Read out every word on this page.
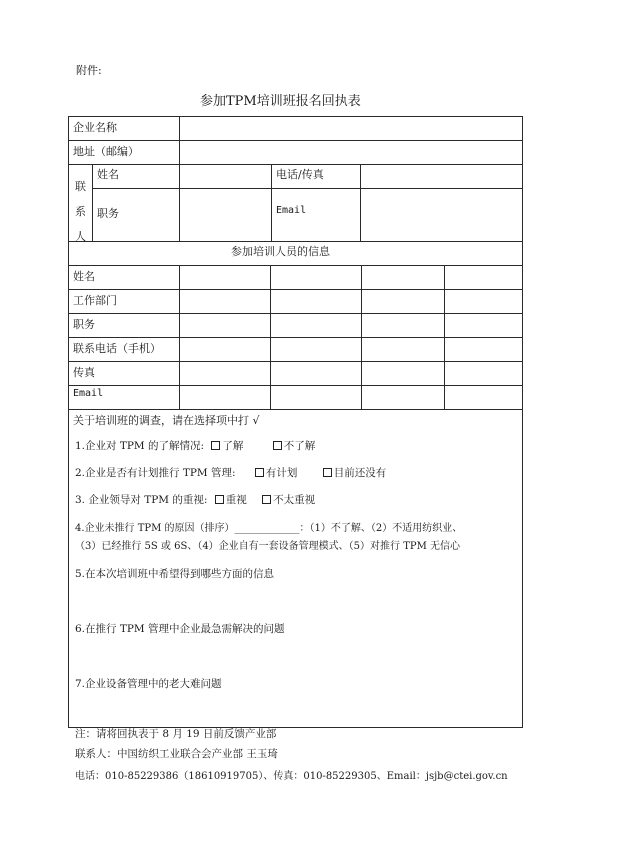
附件:
参加TPM培训班报名回执表
企业名称
地址（邮编）
联
系
人
姓名	电话/传真
职务	Email
参加培训人员的信息
姓名
工作部门
职务
联系电话（手机）
传真
Email
关于培训班的调查，请在选择项中打 √
1.企业对 TPM 的了解情况: 了解	不了解
2.企业是否有计划推行 TPM 管理:	有计划	目前还没有
3. 企业领导对 TPM 的重视: 重视	不太重视
4.企业未推行 TPM 的原因（排序）_____________：（1）不了解、（2）不适用纺织业、
（3）已经推行 5S 或 6S、（4）企业自有一套设备管理模式、（5）对推行 TPM 无信心
5.在本次培训班中希望得到哪些方面的信息
6.在推行 TPM 管理中企业最急需解决的问题
7.企业设备管理中的老大难问题
注：请将回执表于 8 月 19 日前反馈产业部
联系人：中国纺织工业联合会产业部 王玉琦
电话：010-85229386（18610919705）、传真：010-85229305、Email：jsjb@ctei.gov.cn
